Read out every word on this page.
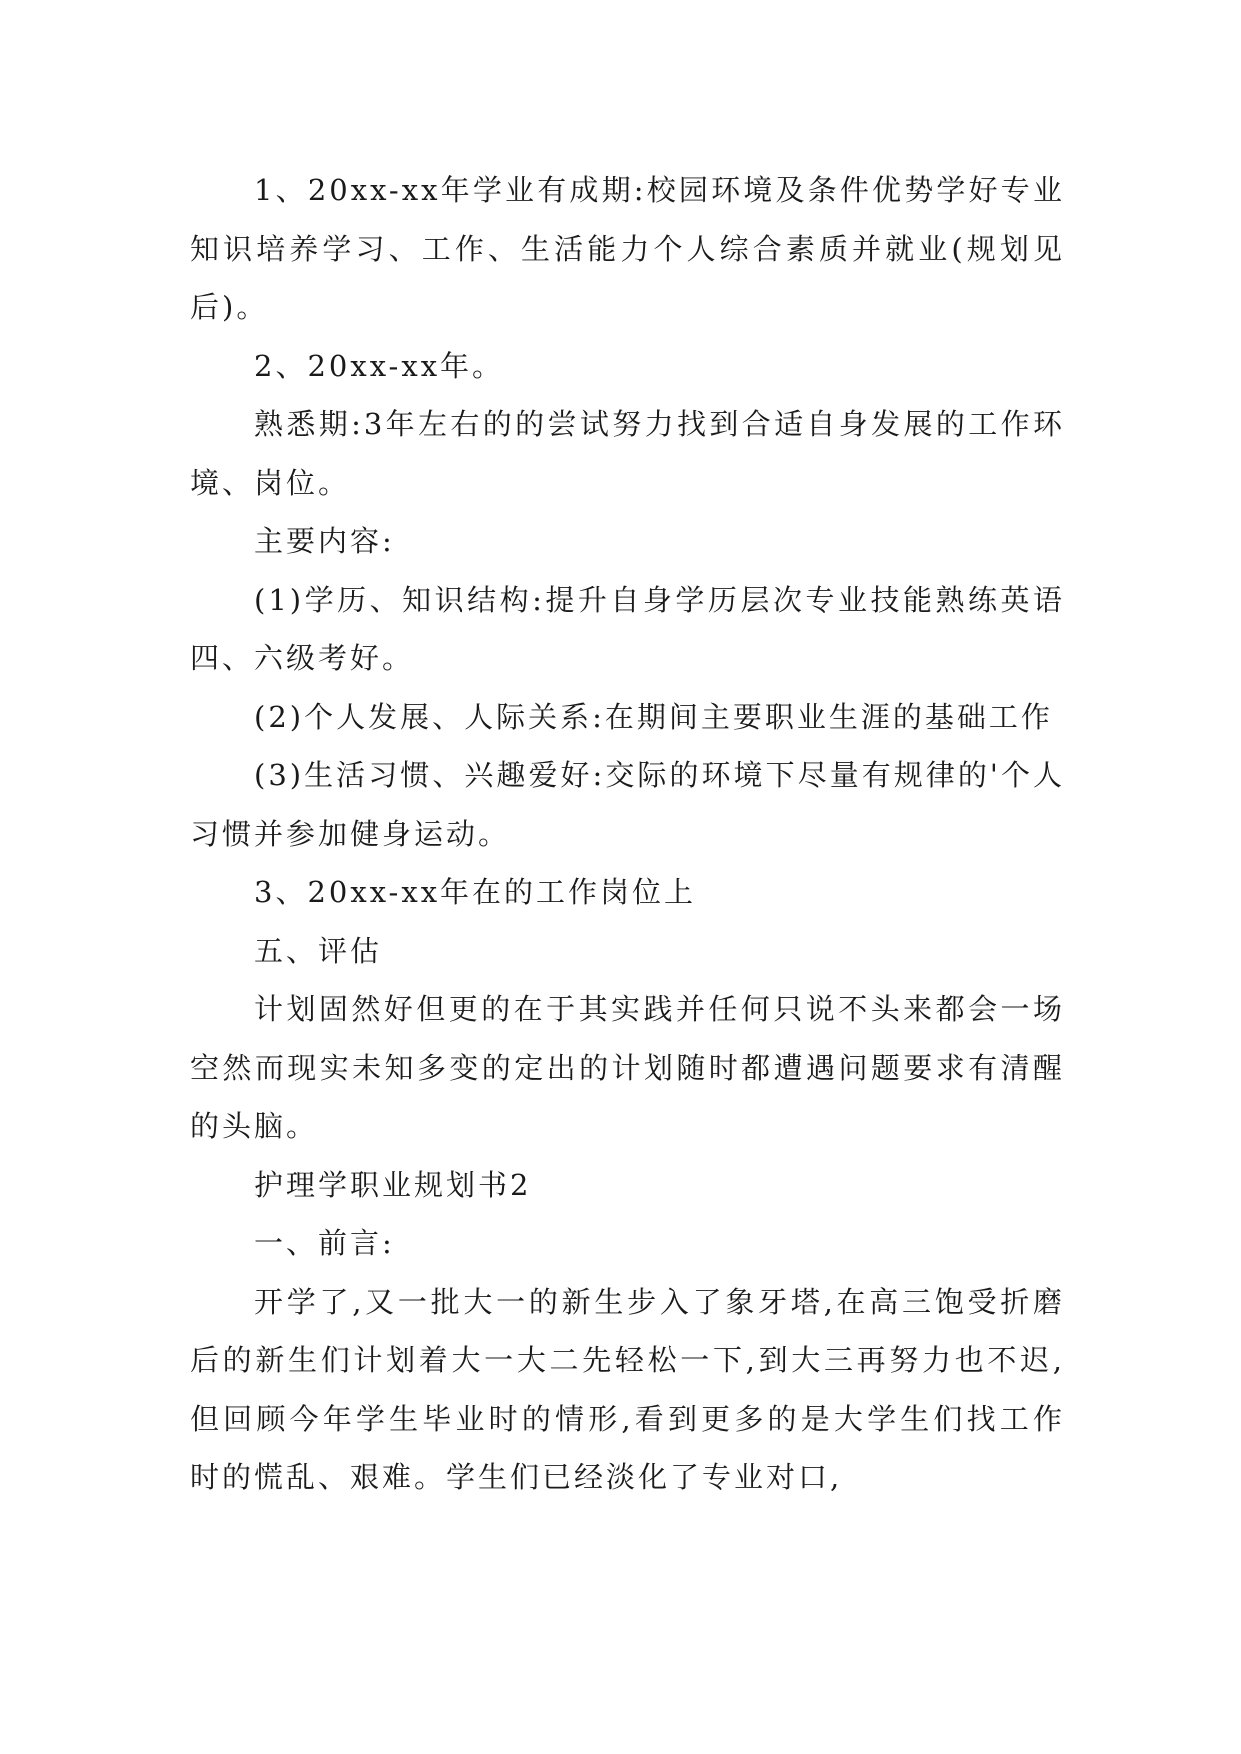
1、20xx-xx年学业有成期:校园环境及条件优势学好专业知识培养学习、工作、生活能力个人综合素质并就业(规划见后)。

2、20xx-xx年。

熟悉期:3年左右的的尝试努力找到合适自身发展的工作环境、岗位。

主要内容:

(1)学历、知识结构:提升自身学历层次专业技能熟练英语四、六级考好。

(2)个人发展、人际关系:在期间主要职业生涯的基础工作

(3)生活习惯、兴趣爱好:交际的环境下尽量有规律的'个人习惯并参加健身运动。

3、20xx-xx年在的工作岗位上

五、评估

计划固然好但更的在于其实践并任何只说不头来都会一场空然而现实未知多变的定出的计划随时都遭遇问题要求有清醒的头脑。

护理学职业规划书2

一、前言:

开学了,又一批大一的新生步入了象牙塔,在高三饱受折磨后的新生们计划着大一大二先轻松一下,到大三再努力也不迟,但回顾今年学生毕业时的情形,看到更多的是大学生们找工作时的慌乱、艰难。学生们已经淡化了专业对口,
